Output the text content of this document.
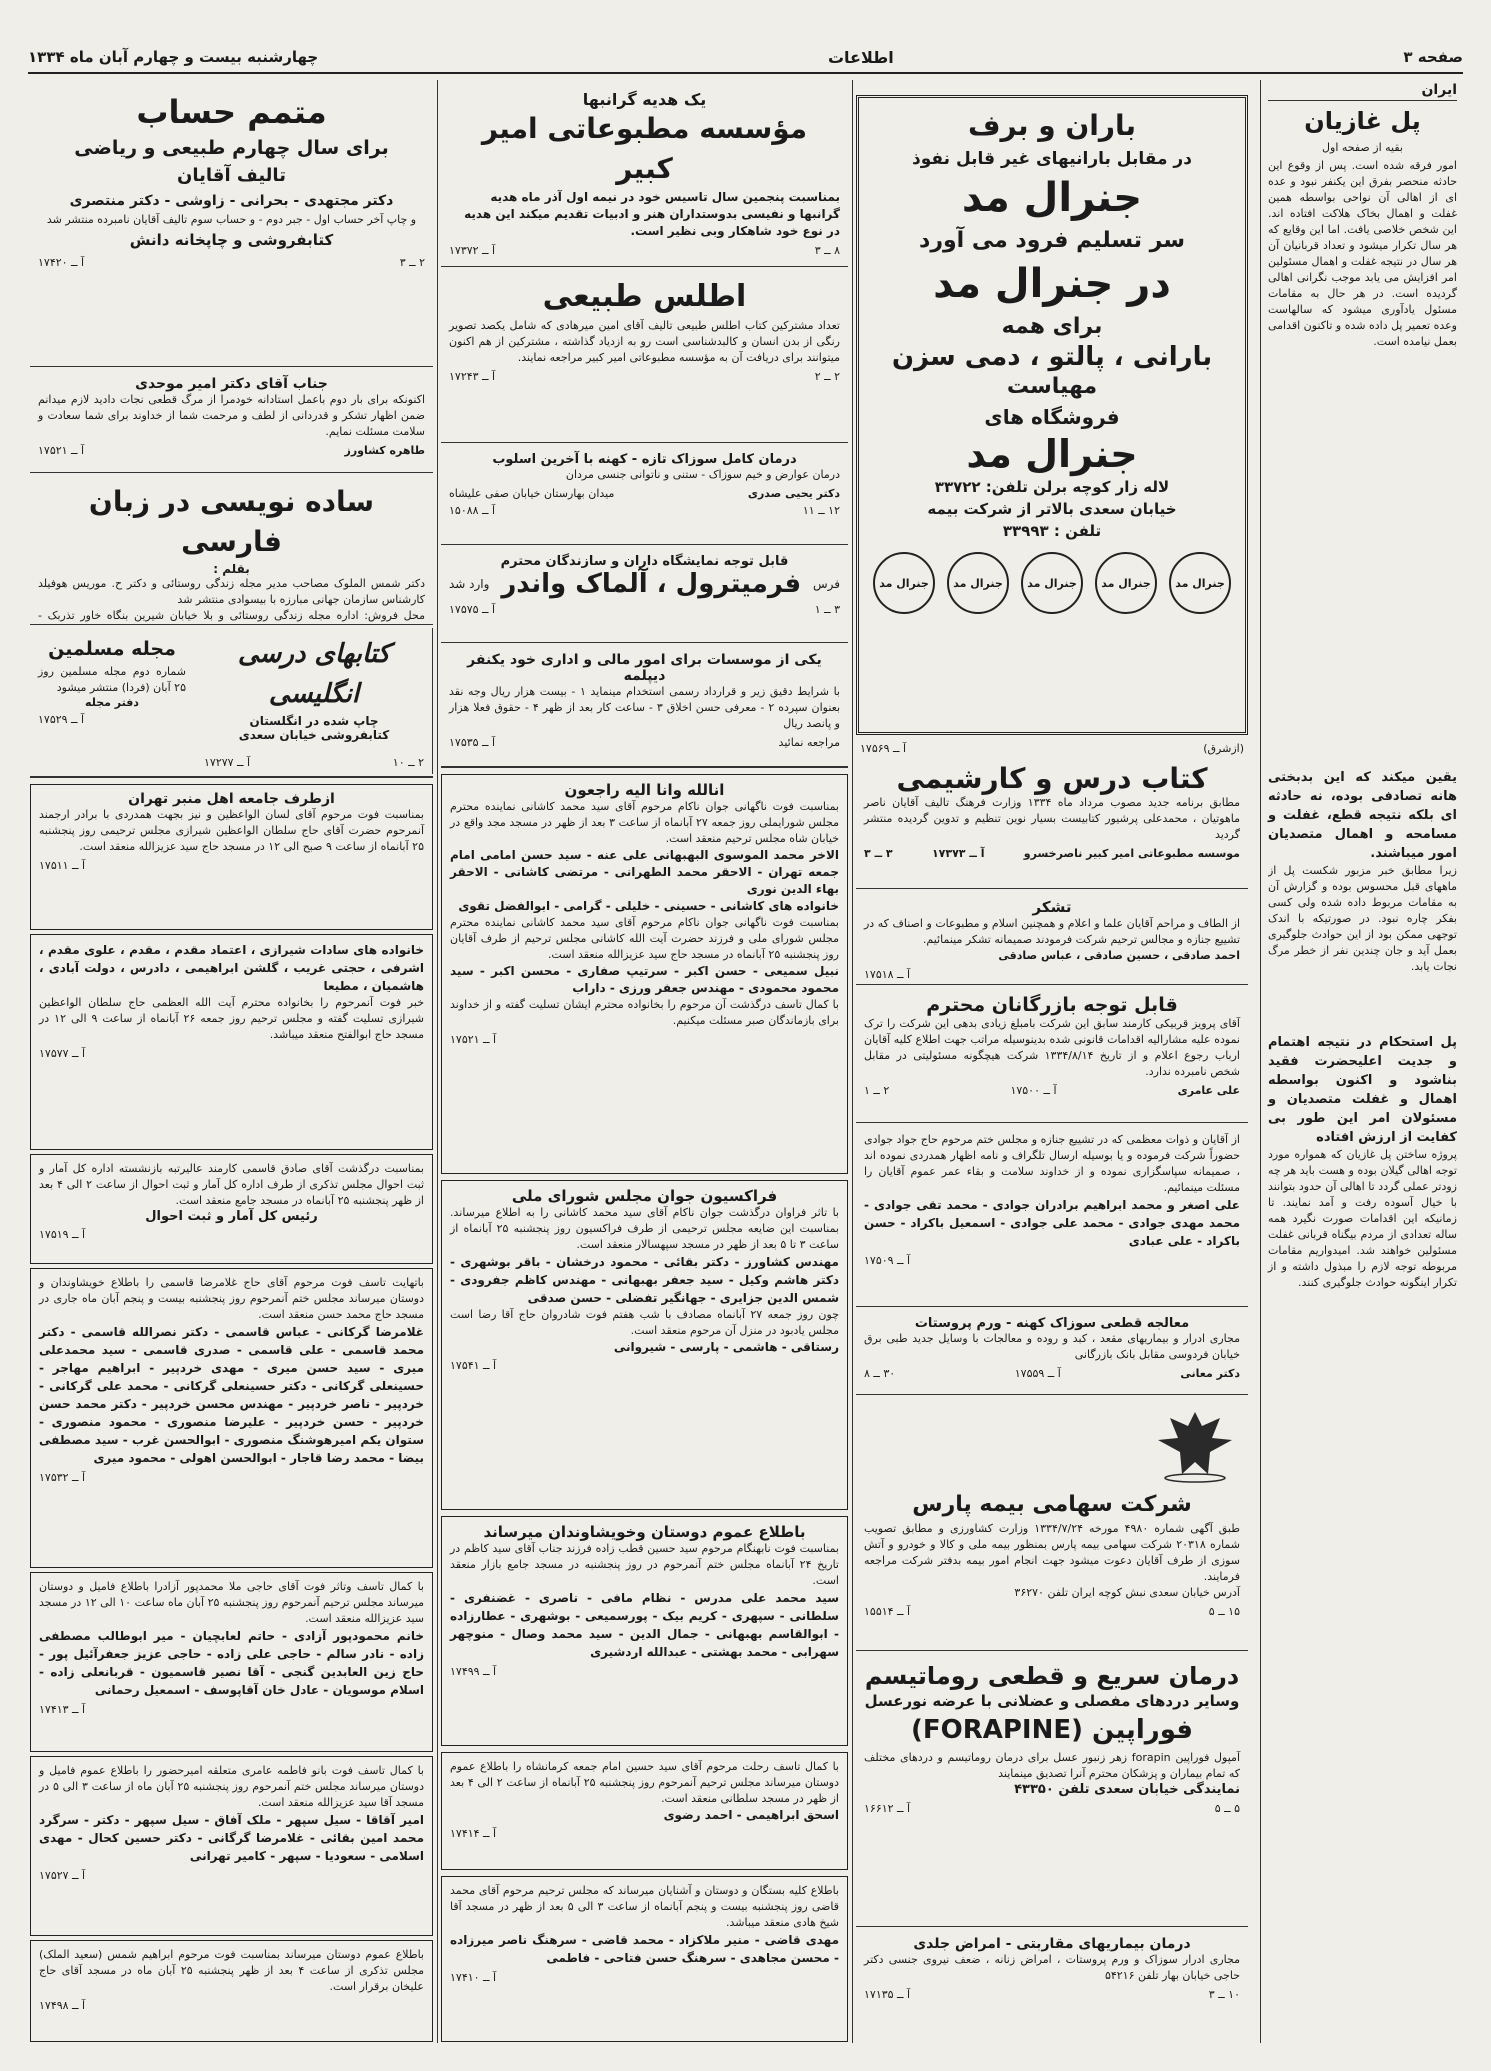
صفحه ۳
اطلاعات
چهارشنبه بیست و چهارم آبان ماه ۱۳۳۴
ایران
پل غازیان
بقیه از صفحه اول
امور فرقه شده است. پس از وقوع این حادثه منحصر بفرق این یکنفر نبود و عده ای از اهالی آن نواحی بواسطه همین غفلت و اهمال بخاک هلاکت افتاده اند. این شخص خلاصی یافت. اما این وقایع که هر سال تکرار میشود و تعداد قربانیان آن هر سال در نتیجه غفلت و اهمال مسئولین امر افزایش می یابد موجب نگرانی اهالی گردیده است. در هر حال به مقامات مسئول یادآوری میشود که سالهاست وعده تعمیر پل داده شده و تاکنون اقدامی بعمل نیامده است.
یقین میکند که این بدبختی هانه تصادفی بوده، نه حادثه ای بلکه نتیجه قطع، غفلت و مسامحه و اهمال متصدیان امور میباشند.
زیرا مطابق خبر مزبور شکست پل از ماههای قبل محسوس بوده و گزارش آن به مقامات مربوط داده شده ولی کسی بفکر چاره نبود. در صورتیکه با اندک توجهی ممکن بود از این حوادث جلوگیری بعمل آید و جان چندین نفر از خطر مرگ نجات یابد.
پل استحکام در نتیجه اهتمام و جدیت اعلیحضرت فقید بناشود و اکنون بواسطه اهمال و غفلت متصدیان و مسئولان امر این طور بی کفایت از ارزش افتاده
پروژه ساختن پل غازیان که همواره مورد توجه اهالی گیلان بوده و هست باید هر چه زودتر عملی گردد تا اهالی آن حدود بتوانند با خیال آسوده رفت و آمد نمایند. تا زمانیکه این اقدامات صورت نگیرد همه ساله تعدادی از مردم بیگناه قربانی غفلت مسئولین خواهند شد. امیدواریم مقامات مربوطه توجه لازم را مبذول داشته و از تکرار اینگونه حوادث جلوگیری کنند.
باران و برف
در مقابل بارانیهای غیر قابل نفوذ
جنرال مد
سر تسلیم فرود می آورد
در جنرال مد
برای همه
بارانی ، پالتو ، دمی سزن
مهیاست
فروشگاه های
جنرال مد
لاله زار کوچه برلن تلفن: ۳۳۷۲۲
خیابان سعدی بالاتر از شرکت بیمه
تلفن : ۳۳۹۹۳
جنرال مد
جنرال مد
جنرال مد
جنرال مد
جنرال مد
(ازشرق)
آ ــ ۱۷۵۶۹
کتاب درس و کارشیمی
مطابق برنامه جدید مصوب مرداد ماه ۱۳۳۴ وزارت فرهنگ تالیف آقایان ناصر ماهوتیان ، محمدعلی پرشیور کتابیست بسیار نوین تنظیم و تدوین گردیده منتشر گردید
موسسه مطبوعاتی امیر کبیر ناصرخسرو
آ ــ ۱۷۳۷۳
۳ ــ ۳
تشکر
از الطاف و مراحم آقایان علما و اعلام و همچنین اسلام و مطبوعات و اصناف که در تشییع جنازه و مجالس ترحیم شرکت فرمودند صمیمانه تشکر مینمائیم.
احمد صادقی ، حسین صادقی ، عباس صادقی
آ ــ ۱۷۵۱۸
قابل توجه بازرگانان محترم
آقای پرویز قربیکی کارمند سابق این شرکت بامبلغ زیادی بدهی این شرکت را ترک نموده علیه مشارالیه اقدامات قانونی شده بدینوسیله مراتب جهت اطلاع کلیه آقایان ارباب رجوع اعلام و از تاریخ ۱۳۳۴/۸/۱۴ شرکت هیچگونه مسئولیتی در مقابل شخص نامبرده ندارد.
علی عامری
آ ــ ۱۷۵۰۰
۲ ــ ۱
از آقایان و ذوات معظمی که در تشییع جنازه و مجلس ختم مرحوم حاج جواد جوادی حضوراً شرکت فرموده و یا بوسیله ارسال تلگراف و نامه اظهار همدردی نموده اند ، صمیمانه سپاسگزاری نموده و از خداوند سلامت و بقاء عمر عموم آقایان را مسئلت مینمائیم.
علی اصغر و محمد ابراهیم برادران جوادی - محمد تقی جوادی - محمد مهدی جوادی - محمد علی جوادی - اسمعیل باکراد - حسن باکراد - علی عبادی
آ ــ ۱۷۵۰۹
معالجه قطعی سوزاک کهنه - ورم پروستات
مجاری ادرار و بیماریهای مقعد ، کبد و روده و معالجات با وسایل جدید طبی برق خیابان فردوسی مقابل بانک بازرگانی
دکتر معانی
آ ــ ۱۷۵۵۹
۳۰ ــ ۸
شرکت سهامی بیمه پارس
طبق آگهی شماره ۴۹۸۰ مورخه ۱۳۳۴/۷/۲۴ وزارت کشاورزی و مطابق تصویب شماره ۲۰۳۱۸ شرکت سهامی بیمه پارس بمنظور بیمه ملی و کالا و خودرو و آتش سوزی از طرف آقایان دعوت میشود جهت انجام امور بیمه بدفتر شرکت مراجعه فرمایند.
آدرس خیابان سعدی نبش کوچه ایران تلفن ۳۶۲۷۰
۱۵ ــ ۵
آ ــ ۱۵۵۱۴
درمان سریع و قطعی روماتیسم
وسایر دردهای مفصلی و عضلانی با عرضه نورعسل
فوراپین (FORAPINE)
آمپول فوراپین forapin زهر زنبور عسل برای درمان روماتیسم و دردهای مختلف که تمام بیماران و پزشکان محترم آنرا تصدیق مینمایند
نمایندگی خیابان سعدی تلفن ۴۳۳۵۰
۵ ــ ۵
آ ــ ۱۶۶۱۲
درمان بیماریهای مقاربتی - امراض جلدی
مجاری ادرار سوزاک و ورم پروستات ، امراض زنانه ، ضعف نیروی جنسی دکتر حاجی خیابان بهار تلفن ۵۴۲۱۶
۱۰ ــ ۳
آ ــ ۱۷۱۳۵
یک هدیه گرانبها
مؤسسه مطبوعاتی امیر کبیر
بمناسبت پنجمین سال تاسیس خود در نیمه اول آذر ماه هدیه گرانبها و نفیسی بدوستداران هنر و ادبیات تقدیم میکند این هدیه در نوع خود شاهکار وبی نظیر است.
۸ ــ ۳
آ ــ ۱۷۳۷۲
اطلس طبیعی
تعداد مشترکین کتاب اطلس طبیعی تالیف آقای امین میرهادی که شامل یکصد تصویر رنگی از بدن انسان و کالبدشناسی است رو به ازدیاد گذاشته ، مشترکین از هم اکنون میتوانند برای دریافت آن به مؤسسه مطبوعاتی امیر کبیر مراجعه نمایند.
۲ ــ ۲
آ ــ ۱۷۲۴۳
درمان کامل سوزاک تازه - کهنه با آخرین اسلوب
درمان عوارض و خیم سوزاک - ستنی و ناتوانی جنسی مردان
دکتر یحیی صدری
میدان بهارستان خیابان صفی علیشاه
۱۲ ــ ۱۱
آ ــ ۱۵۰۸۸
قابل توجه نمایشگاه داران و سازندگان محترم
فرس
فرمیترول ، آلماک واندر
وارد شد
۳ ــ ۱
آ ــ ۱۷۵۷۵
یکی از موسسات برای امور مالی و اداری خود یکنفر دیپلمه
با شرایط دقیق زیر و قرارداد رسمی استخدام مینماید ۱ - بیست هزار ریال وجه نقد بعنوان سپرده ۲ - معرفی حسن اخلاق ۳ - ساعت کار بعد از ظهر ۴ - حقوق فعلا هزار و پانصد ریال
مراجعه نمائید
آ ــ ۱۷۵۳۵
انالله وانا الیه راجعون
بمناسبت فوت ناگهانی جوان ناکام مرحوم آقای سید محمد کاشانی نماینده محترم مجلس شورایملی روز جمعه ۲۷ آبانماه از ساعت ۳ بعد از ظهر در مسجد مجد واقع در خیابان شاه مجلس ترحیم منعقد است.
الاخر محمد الموسوی البهبهانی علی عنه - سید حسن امامی امام جمعه تهران - الاحقر محمد الطهرانی - مرتضی کاشانی - الاحقر بهاء الدین نوری
خانواده های کاشانی - حسینی - خلیلی - گرامی - ابوالفضل تقوی
بمناسبت فوت ناگهانی جوان ناکام مرحوم آقای سید محمد کاشانی نماینده محترم مجلس شورای ملی و فرزند حضرت آیت الله کاشانی مجلس ترحیم از طرف آقایان روز پنجشنبه ۲۵ آبانماه در مسجد حاج سید عزیزالله منعقد است.
نبیل سمیعی - حسن اکبر - سرتیپ صفاری - محسن اکبر - سید محمود محمودی - مهندس جعفر ورزی - داراب
با کمال تاسف درگذشت آن مرحوم را بخانواده محترم ایشان تسلیت گفته و از خداوند برای بازماندگان صبر مسئلت میکنیم.
آ ــ ۱۷۵۲۱
فراکسیون جوان مجلس شورای ملی
با تاثر فراوان درگذشت جوان ناکام آقای سید محمد کاشانی را به اطلاع میرساند. بمناسبت این ضایعه مجلس ترحیمی از طرف فراکسیون روز پنجشنبه ۲۵ آبانماه از ساعت ۳ تا ۵ بعد از ظهر در مسجد سپهسالار منعقد است.
مهندس کشاورز - دکتر بقائی - محمود درخشان - باقر بوشهری - دکتر هاشم وکیل - سید جعفر بهبهانی - مهندس کاظم جفرودی - شمس الدین جزایری - جهانگیر تفضلی - حسن صدقی
چون روز جمعه ۲۷ آبانماه مصادف با شب هفتم فوت شادروان حاج آقا رضا است مجلس یادبود در منزل آن مرحوم منعقد است.
رستاقی - هاشمی - پارسی - شیروانی
آ ــ ۱۷۵۴۱
باطلاع عموم دوستان وخویشاوندان میرساند
بمناسبت فوت نابهنگام مرحوم سید حسین قطب زاده فرزند جناب آقای سید کاظم در تاریخ ۲۴ آبانماه مجلس ختم آنمرحوم در روز پنجشنبه در مسجد جامع بازار منعقد است.
سید محمد علی مدرس - نظام مافی - ناصری - غضنفری - سلطانی - سپهری - کریم بیک - پورسمیعی - بوشهری - عطارزاده - ابوالقاسم بهبهانی - جمال الدین - سید محمد وصال - منوچهر سهرابی - محمد بهشتی - عبدالله اردشیری
آ ــ ۱۷۴۹۹
با کمال تاسف رحلت مرحوم آقای سید حسین امام جمعه کرمانشاه را باطلاع عموم دوستان میرساند مجلس ترحیم آنمرحوم روز پنجشنبه ۲۵ آبانماه از ساعت ۲ الی ۴ بعد از ظهر در مسجد سلطانی منعقد است.
اسحق ابراهیمی - احمد رضوی
آ ــ ۱۷۴۱۴
باطلاع کلیه بستگان و دوستان و آشنایان میرساند که مجلس ترحیم مرحوم آقای محمد قاضی روز پنجشنبه بیست و پنجم آبانماه از ساعت ۳ الی ۵ بعد از ظهر در مسجد آقا شیخ هادی منعقد میباشد.
مهدی قاضی - منیر ملاکزاد - محمد قاضی - سرهنگ ناصر میرزاده - محسن مجاهدی - سرهنگ حسن فتاحی - فاطمی
آ ــ ۱۷۴۱۰
متمم حساب
برای سال چهارم طبیعی و ریاضی
تالیف آقایان
دکتر مجتهدی - بحرانی - زاوشی - دکتر منتصری
و چاپ آخر حساب اول - جبر دوم - و حساب سوم تالیف آقایان نامبرده منتشر شد
کتابفروشی و چاپخانه دانش
۲ ــ ۳
آ ــ ۱۷۴۲۰
جناب آقای دکتر امیر موحدی
اکنونکه برای بار دوم باعمل استادانه خودمرا از مرگ قطعی نجات دادید لازم میدانم ضمن اظهار تشکر و قدردانی از لطف و مرحمت شما از خداوند برای شما سعادت و سلامت مسئلت نمایم.
طاهره کشاورز
آ ــ ۱۷۵۲۱
ساده نویسی در زبان فارسی
بقلم :
دکتر شمس الملوک مصاحب مدیر مجله زندگی روستائی و دکتر ح. موریس هوفیلد کارشناس سازمان جهانی مبارزه با بیسوادی منتشر شد
محل فروش: اداره مجله زندگی روستائی و بلا خیابان شیرین بنگاه خاور تذربک -
کتابهای درسی انگلیسی
چاپ شده در انگلستان
کتابفروشی خیابان سعدی
۲ ــ ۱۰
آ ــ ۱۷۲۷۷
مجله مسلمین
شماره دوم مجله مسلمین روز ۲۵ آبان (فردا) منتشر میشود
دفتر مجله
آ ــ ۱۷۵۲۹
ازطرف جامعه اهل منبر تهران
بمناسبت فوت مرحوم آقای لسان الواعظین و نیز بجهت همدردی با برادر ارجمند آنمرحوم حضرت آقای حاج سلطان الواعظین شیرازی مجلس ترحیمی روز پنجشنبه ۲۵ آبانماه از ساعت ۹ صبح الی ۱۲ در مسجد حاج سید عزیزالله منعقد است.
آ ــ ۱۷۵۱۱
خانواده های سادات شیرازی ، اعتماد مقدم ، مقدم ، علوی مقدم ، اشرفی ، حجتی غریب ، گلشن ابراهیمی ، دادرس ، دولت آبادی ، هاشمیان ، مطیعا
خبر فوت آنمرحوم را بخانواده محترم آیت الله العظمی حاج سلطان الواعظین شیرازی تسلیت گفته و مجلس ترحیم روز جمعه ۲۶ آبانماه از ساعت ۹ الی ۱۲ در مسجد حاج ابوالفتح منعقد میباشد.
آ ــ ۱۷۵۷۷
بمناسبت درگذشت آقای صادق قاسمی کارمند عالیرتبه بازنشسته اداره کل آمار و ثبت احوال مجلس تذکری از طرف اداره کل آمار و ثبت احوال از ساعت ۲ الی ۴ بعد از ظهر پنجشنبه ۲۵ آبانماه در مسجد جامع منعقد است.
رئیس کل آمار و ثبت احوال
آ ــ ۱۷۵۱۹
باتهایت تاسف فوت مرحوم آقای حاج غلامرضا قاسمی را باطلاع خویشاوندان و دوستان میرساند مجلس ختم آنمرحوم روز پنجشنبه بیست و پنجم آبان ماه جاری در مسجد حاج محمد حسن منعقد است.
غلامرضا گرکانی - عباس قاسمی - دکتر نصرالله قاسمی - دکتر محمد قاسمی - علی قاسمی - صدری قاسمی - سید محمدعلی میری - سید حسن میری - مهدی خردپیر - ابراهیم مهاجر - حسینعلی گرکانی - دکتر حسینعلی گرکانی - محمد علی گرکانی - خردپیر - ناصر خردپیر - مهندس محسن خردپیر - دکتر محمد حسن خردپیر - حسن خردپیر - علیرضا منصوری - محمود منصوری - ستوان یکم امیرهوشنگ منصوری - ابوالحسن غرب - سید مصطفی بیضا - محمد رضا قاجار - ابوالحسن اهولی - محمود میری
آ ــ ۱۷۵۳۲
با کمال تاسف وتاثر فوت آقای حاجی ملا محمدپور آزادرا باطلاع فامیل و دوستان میرساند مجلس ترحیم آنمرحوم روز پنجشنبه ۲۵ آبان ماه ساعت ۱۰ الی ۱۲ در مسجد سید عزیزالله منعقد است.
خانم محمودپور آزادی - حاتم لعابچیان - میر ابوطالب مصطفی زاده - نادر سالم - حاجی علی زاده - حاجی عزیز جعفرآئیل پور - حاج زین العابدین گنجی - آقا نصیر قاسمیون - قربانعلی زاده - اسلام موسویان - عادل خان آقاپوسف - اسمعیل رحمانی
آ ــ ۱۷۴۱۳
با کمال تاسف فوت بانو فاطمه عامری متعلقه امیرحضور را باطلاع عموم فامیل و دوستان میرساند مجلس ختم آنمرحوم روز پنجشنبه ۲۵ آبان ماه از ساعت ۳ الی ۵ در مسجد آقا سید عزیزالله منعقد است.
امیر آقاقا - سیل سپهر - ملک آفاق - سیل سپهر - دکتر - سرگرد محمد امین بقائی - غلامرضا گرگانی - دکتر حسین کحال - مهدی اسلامی - سعودیا - سپهر - کامیر تهرانی
آ ــ ۱۷۵۲۷
باطلاع عموم دوستان میرساند بمناسبت فوت مرحوم ابراهیم شمس (سعید الملک) مجلس تذکری از ساعت ۴ بعد از ظهر پنجشنبه ۲۵ آبان ماه در مسجد آقای حاج علیخان برقرار است.
آ ــ ۱۷۴۹۸
